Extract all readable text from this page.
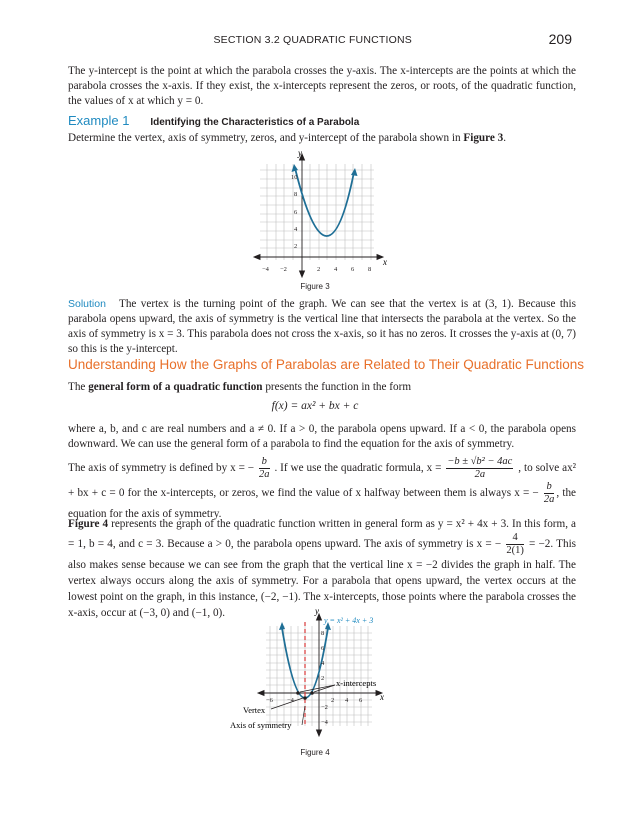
SECTION 3.2 QUADRATIC FUNCTIONS	209
The y-intercept is the point at which the parabola crosses the y-axis. The x-intercepts are the points at which the parabola crosses the x-axis. If they exist, the x-intercepts represent the zeros, or roots, of the quadratic function, the values of x at which y = 0.
Example 1 Identifying the Characteristics of a Parabola
Determine the vertex, axis of symmetry, zeros, and y-intercept of the parabola shown in Figure 3.
y
x
−4 −2	2 4 6 8
2
4
6
8
10
Figure 3
Solution The vertex is the turning point of the graph. We can see that the vertex is at (3, 1). Because this parabola opens upward, the axis of symmetry is the vertical line that intersects the parabola at the vertex. So the axis of symmetry is x = 3. This parabola does not cross the x-axis, so it has no zeros. It crosses the y-axis at (0, 7) so this is the y-intercept.
Understanding How the Graphs of Parabolas are Related to Their Quadratic Functions
The general form of a quadratic function presents the function in the form
f(x) = ax² + bx + c
where a, b, and c are real numbers and a ≠ 0. If a > 0, the parabola opens upward. If a < 0, the parabola opens downward. We can use the general form of a parabola to find the equation for the axis of symmetry.
The axis of symmetry is defined by x = − $\frac{b}{2a}$ . If we use the quadratic formula, $x = \frac{\text{−b ± √b² − 4ac}}{2a}$ , to solve ax² + bx + c = 0 for the x-intercepts, or zeros, we find the value of x halfway between them is always x = − $\frac{b}{2a}$ , the equation for the axis of symmetry.
Figure 4 represents the graph of the quadratic function written in general form as y = x² + 4x + 3. In this form, a = 1, b = 4, and c = 3. Because a > 0, the parabola opens upward. The axis of symmetry is x = − $\frac{4}{2(1)} = -2$. This also makes sense because we can see from the graph that the vertical line x = −2 divides the graph in half. The vertex always occurs along the axis of symmetry. For a parabola that opens upward, the vertex occurs at the lowest point on the graph, in this instance, (−2, −1). The x-intercepts, those points where the parabola crosses the x-axis, occur at (−3, 0) and (−1, 0).
y = x² + 4x + 3
y
x
x-intercepts
Vertex
Axis of symmetry
−6 −4	2 4 6
8
6
4
2
−2
−4
Figure 4
